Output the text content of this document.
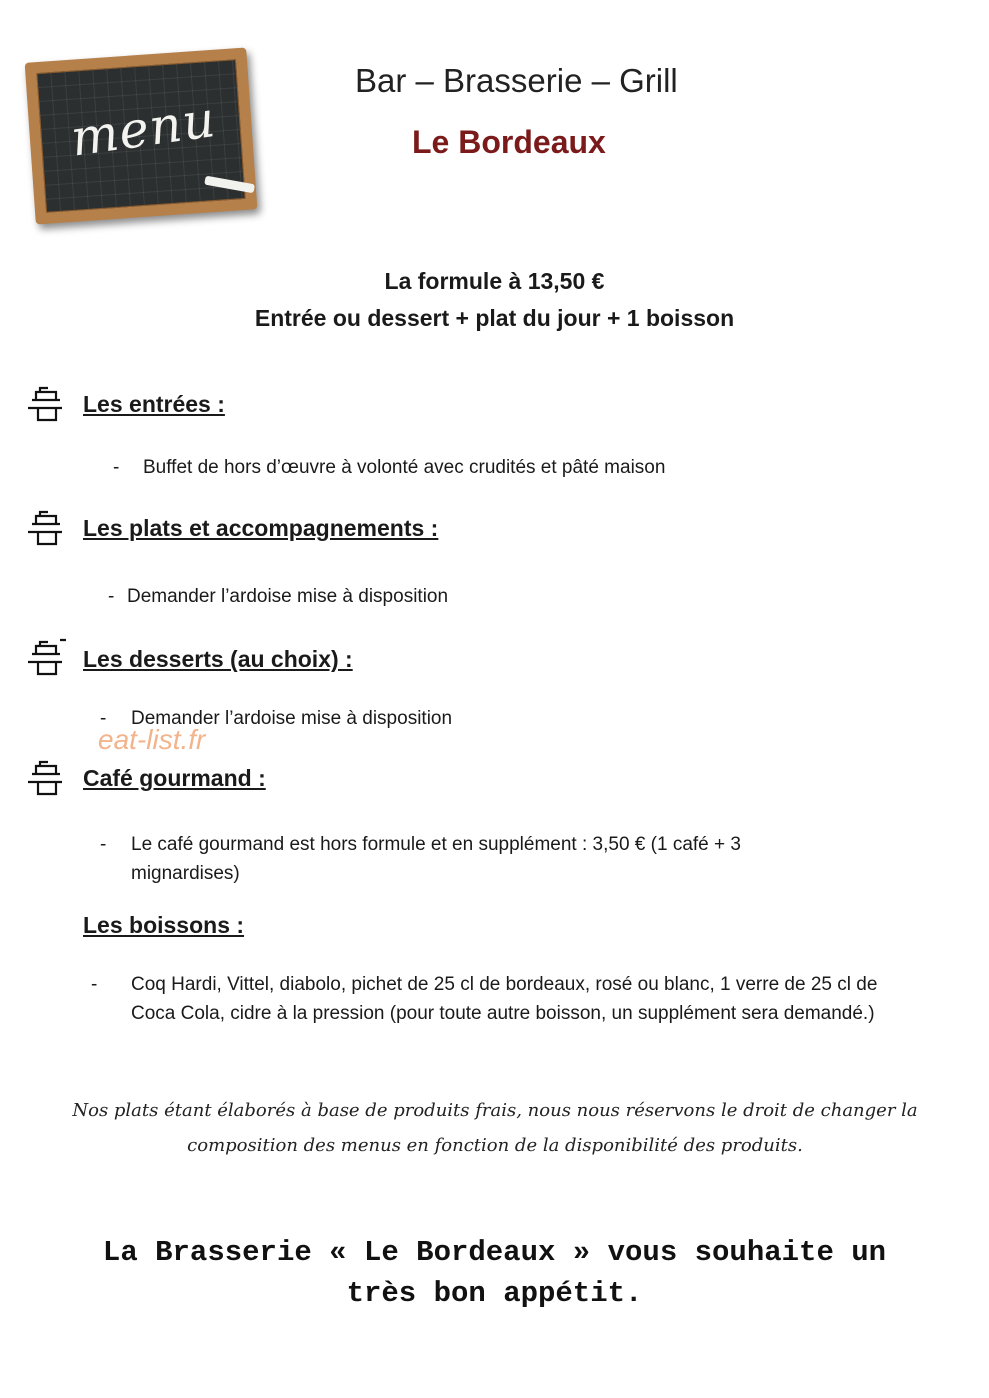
menu
Bar – Brasserie – Grill
Le Bordeaux
La formule à 13,50 €
Entrée ou dessert + plat du jour + 1 boisson
Les entrées :
- Buffet de hors d’œuvre à volonté avec crudités et pâté maison
Les plats et accompagnements :
- Demander l’ardoise mise à disposition
Les desserts (au choix) :
- Demander l’ardoise mise à disposition
eat-list.fr
Café gourmand :
- Le café gourmand est hors formule et en supplément : 3,50 € (1 café + 3 mignardises)
Les boissons :
- Coq Hardi, Vittel, diabolo, pichet de 25 cl de bordeaux, rosé ou blanc, 1 verre de 25 cl de Coca Cola, cidre à la pression (pour toute autre boisson, un supplément sera demandé.)
Nos plats étant élaborés à base de produits frais, nous nous réservons le droit de changer la composition des menus en fonction de la disponibilité des produits.
La Brasserie « Le Bordeaux » vous souhaite un très bon appétit.
